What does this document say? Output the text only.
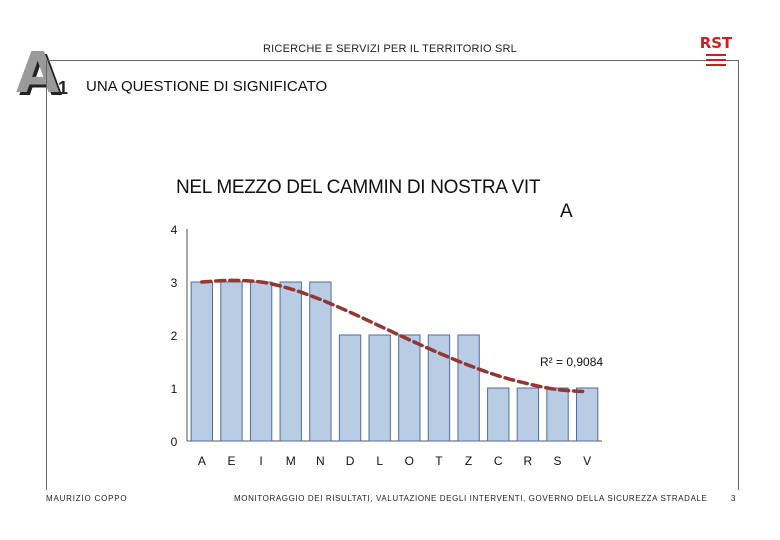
A
1
RICERCHE E SERVIZI PER IL TERRITORIO SRL
UNA QUESTIONE DI SIGNIFICATO
RST
NEL MEZZO DEL CAMMIN DI NOSTRA VIT
A
0
1
2
3
4
A E I M N D L O T Z C R S V
R² = 0,9084
MAURIZIO COPPO	MONITORAGGIO DEI RISULTATI, VALUTAZIONE DEGLI INTERVENTI, GOVERNO DELLA SICUREZZA STRADALE	3
